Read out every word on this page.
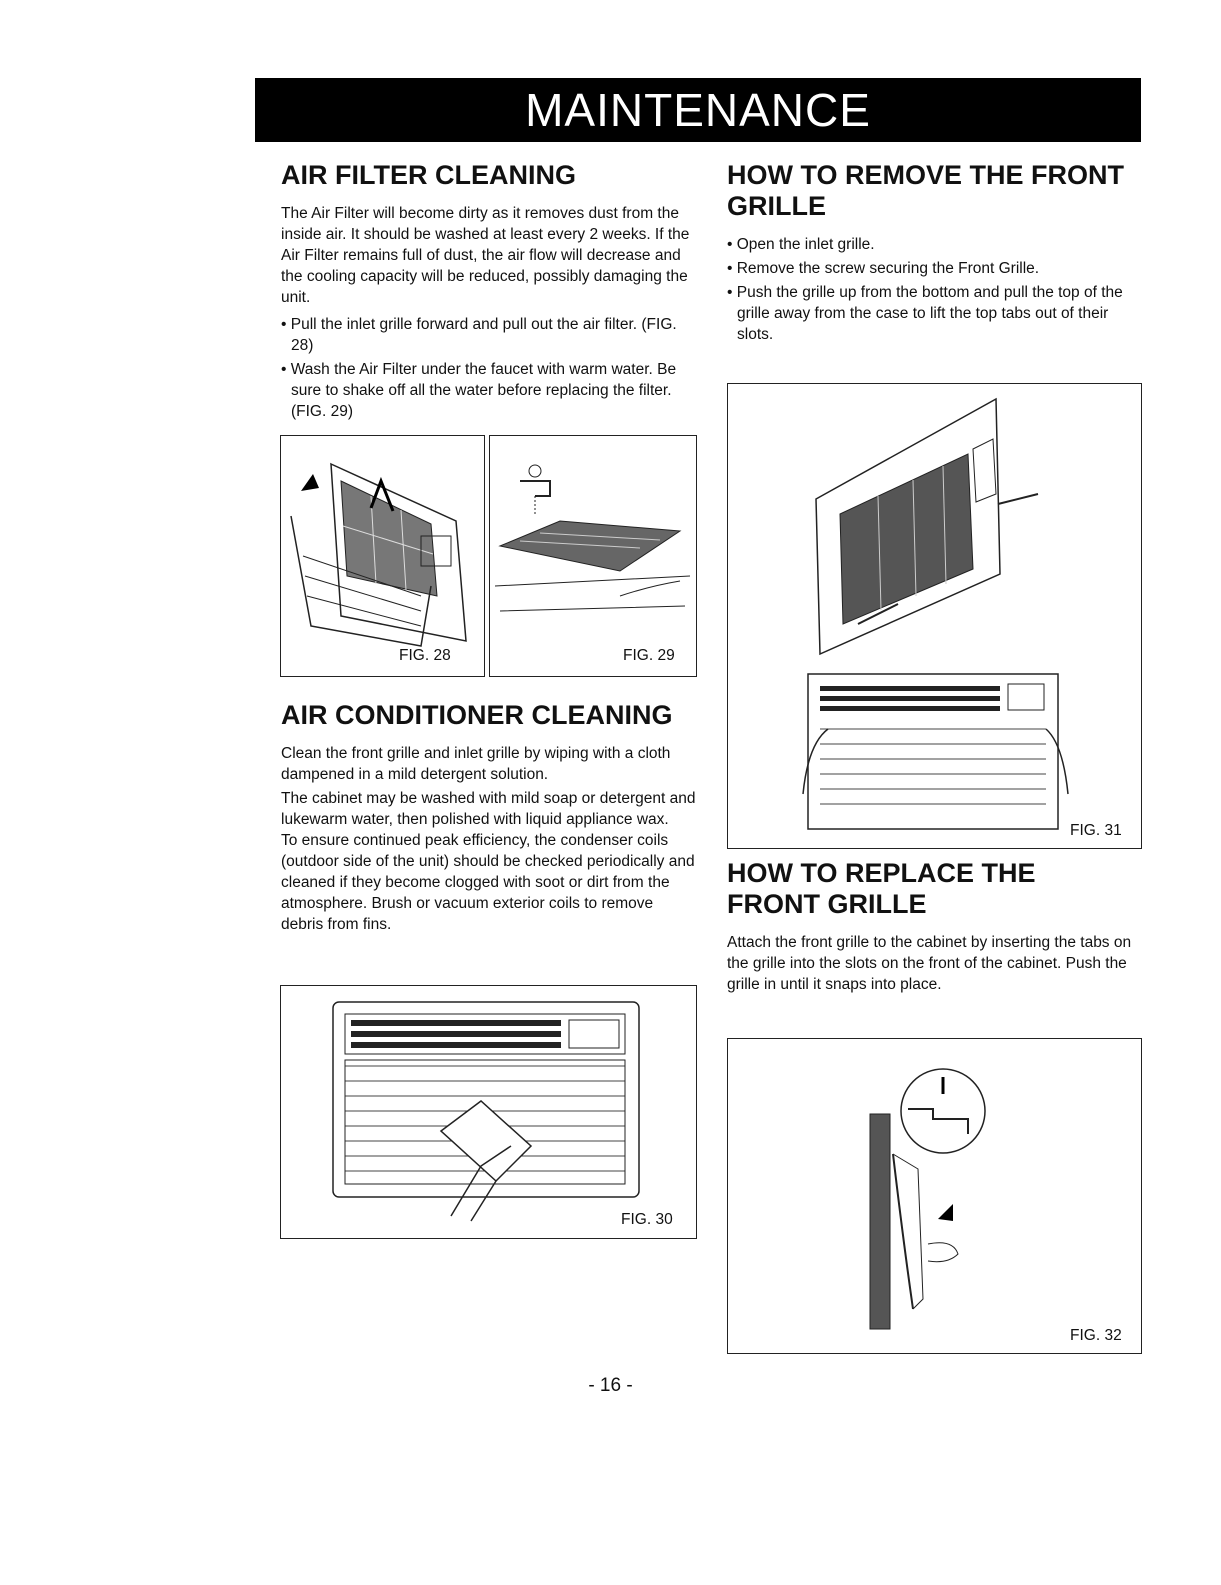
MAINTENANCE
AIR FILTER CLEANING

The Air Filter will become dirty as it removes dust from the inside air. It should be washed at least every 2 weeks. If the Air Filter remains full of dust, the air flow will decrease and the cooling capacity will be reduced, possibly damaging the unit.

• Pull the inlet grille forward and pull out the air filter. (FIG. 28)
• Wash the Air Filter under the faucet with warm water. Be sure to shake off all the water before replacing the filter. (FIG. 29)
FIG. 28	FIG. 29
AIR CONDITIONER CLEANING

Clean the front grille and inlet grille by wiping with a cloth dampened in a mild detergent solution.

The cabinet may be washed with mild soap or detergent and lukewarm water, then polished with liquid appliance wax.

To ensure continued peak efficiency, the condenser coils (outdoor side of the unit) should be checked periodically and cleaned if they become clogged with soot or dirt from the atmosphere. Brush or vacuum exterior coils to remove debris from fins.

FIG. 30
HOW TO REMOVE THE FRONT GRILLE
• Open the inlet grille.
• Remove the screw securing the Front Grille.
• Push the grille up from the bottom and pull the top of the grille away from the case to lift the top tabs out of their slots.
FIG. 31
HOW TO REPLACE THE FRONT GRILLE

Attach the front grille to the cabinet by inserting the tabs on the grille into the slots on the front of the cabinet. Push the grille in until it snaps into place.

FIG. 32
- 16 -
